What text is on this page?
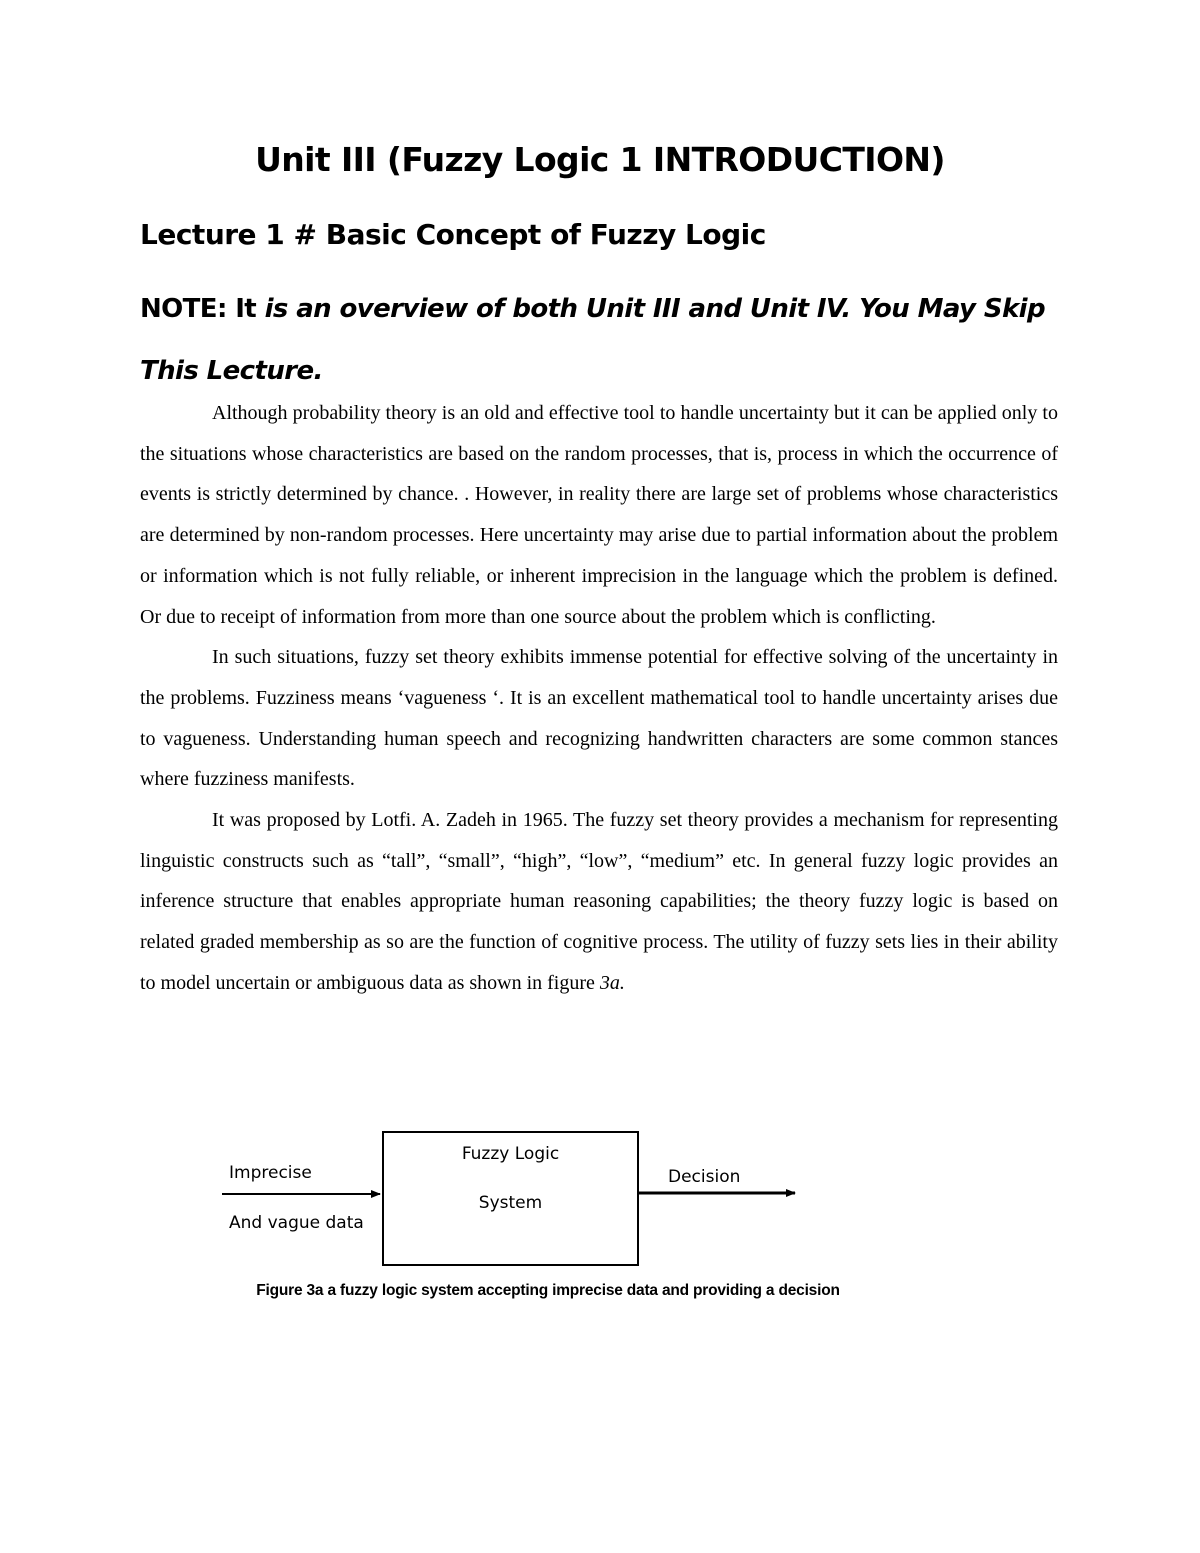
Unit III (Fuzzy Logic 1 INTRODUCTION)
Lecture 1 # Basic Concept of Fuzzy Logic
NOTE: It is an overview of both Unit III and Unit IV. You May Skip This Lecture.

Although probability theory is an old and effective tool to handle uncertainty but it can be applied only to the situations whose characteristics are based on the random processes, that is, process in which the occurrence of events is strictly determined by chance. . However, in reality there are large set of problems whose characteristics are determined by non-random processes. Here uncertainty may arise due to partial information about the problem or information which is not fully reliable, or inherent imprecision in the language which the problem is defined. Or due to receipt of information from more than one source about the problem which is conflicting.

In such situations, fuzzy set theory exhibits immense potential for effective solving of the uncertainty in the problems. Fuzziness means ‘vagueness ‘. It is an excellent mathematical tool to handle uncertainty arises due to vagueness. Understanding human speech and recognizing handwritten characters are some common stances where fuzziness manifests.

It was proposed by Lotfi. A. Zadeh in 1965. The fuzzy set theory provides a mechanism for representing linguistic constructs such as “tall”, “small”, “high”, “low”, “medium” etc. In general fuzzy logic provides an inference structure that enables appropriate human reasoning capabilities; the theory fuzzy logic is based on related graded membership as so are the function of cognitive process. The utility of fuzzy sets lies in their ability to model uncertain or ambiguous data as shown in figure 3a.

Imprecise
And vague data
Fuzzy Logic
System
Decision
Figure 3a a fuzzy logic system accepting imprecise data and providing a decision
